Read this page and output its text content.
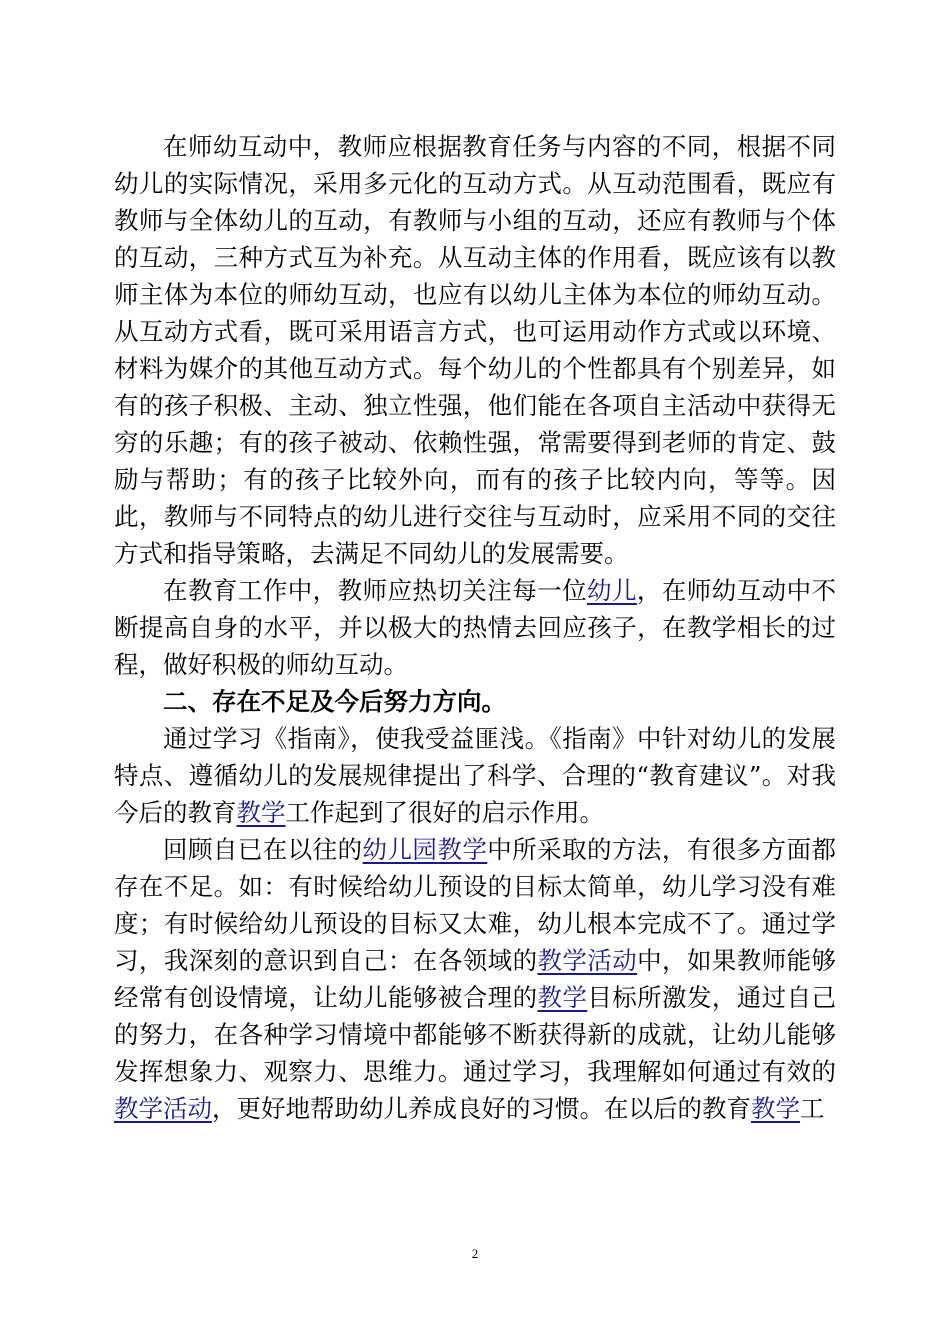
在师幼互动中，教师应根据教育任务与内容的不同，根据不同幼儿的实际情况，采用多元化的互动方式。从互动范围看，既应有教师与全体幼儿的互动，有教师与小组的互动，还应有教师与个体的互动，三种方式互为补充。从互动主体的作用看，既应该有以教师主体为本位的师幼互动，也应有以幼儿主体为本位的师幼互动。从互动方式看，既可采用语言方式，也可运用动作方式或以环境、材料为媒介的其他互动方式。每个幼儿的个性都具有个别差异，如有的孩子积极、主动、独立性强，他们能在各项自主活动中获得无穷的乐趣；有的孩子被动、依赖性强，常需要得到老师的肯定、鼓励与帮助；有的孩子比较外向，而有的孩子比较内向，等等。因此，教师与不同特点的幼儿进行交往与互动时，应采用不同的交往方式和指导策略，去满足不同幼儿的发展需要。

在教育工作中，教师应热切关注每一位幼儿，在师幼互动中不断提高自身的水平，并以极大的热情去回应孩子，在教学相长的过程，做好积极的师幼互动。

二、存在不足及今后努力方向。

通过学习《指南》，使我受益匪浅。《指南》中针对幼儿的发展特点、遵循幼儿的发展规律提出了科学、合理的“教育建议”。对我今后的教育教学工作起到了很好的启示作用。

回顾自已在以往的幼儿园教学中所采取的方法，有很多方面都存在不足。如：有时候给幼儿预设的目标太简单，幼儿学习没有难度；有时候给幼儿预设的目标又太难，幼儿根本完成不了。通过学习，我深刻的意识到自己：在各领域的教学活动中，如果教师能够经常有创设情境，让幼儿能够被合理的教学目标所激发，通过自己的努力，在各种学习情境中都能够不断获得新的成就，让幼儿能够发挥想象力、观察力、思维力。通过学习，我理解如何通过有效的教学活动，更好地帮助幼儿养成良好的习惯。在以后的教育教学工

2
